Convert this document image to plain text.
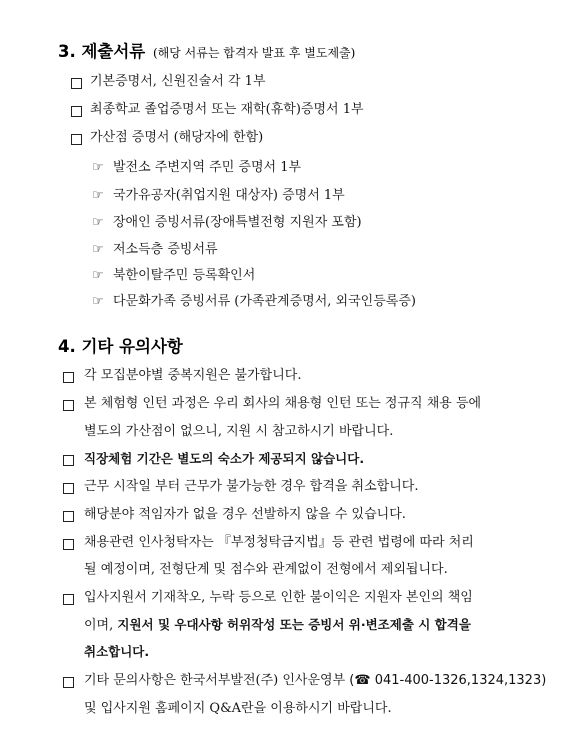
3. 제출서류 (해당 서류는 합격자 발표 후 별도제출)
기본증명서, 신원진술서 각 1부
최종학교 졸업증명서 또는 재학(휴학)증명서 1부
가산점 증명서 (해당자에 한함)
☞ 발전소 주변지역 주민 증명서 1부
☞ 국가유공자(취업지원 대상자) 증명서 1부
☞ 장애인 증빙서류(장애특별전형 지원자 포함)
☞ 저소득층 증빙서류
☞ 북한이탈주민 등록확인서
☞ 다문화가족 증빙서류 (가족관계증명서, 외국인등록증)
4. 기타 유의사항
각 모집분야별 중복지원은 불가합니다.
본 체험형 인턴 과정은 우리 회사의 채용형 인턴 또는 정규직 채용 등에
별도의 가산점이 없으니, 지원 시 참고하시기 바랍니다.
직장체험 기간은 별도의 숙소가 제공되지 않습니다.
근무 시작일 부터 근무가 불가능한 경우 합격을 취소합니다.
해당분야 적임자가 없을 경우 선발하지 않을 수 있습니다.
채용관련 인사청탁자는 『부정청탁금지법』등 관련 법령에 따라 처리
될 예정이며, 전형단계 및 점수와 관계없이 전형에서 제외됩니다.
입사지원서 기재착오, 누락 등으로 인한 불이익은 지원자 본인의 책임
이며, 지원서 및 우대사항 허위작성 또는 증빙서 위·변조제출 시 합격을
취소합니다.
기타 문의사항은 한국서부발전(주) 인사운영부 (☎ 041-400-1326,1324,1323)
및 입사지원 홈페이지 Q&A란을 이용하시기 바랍니다.
